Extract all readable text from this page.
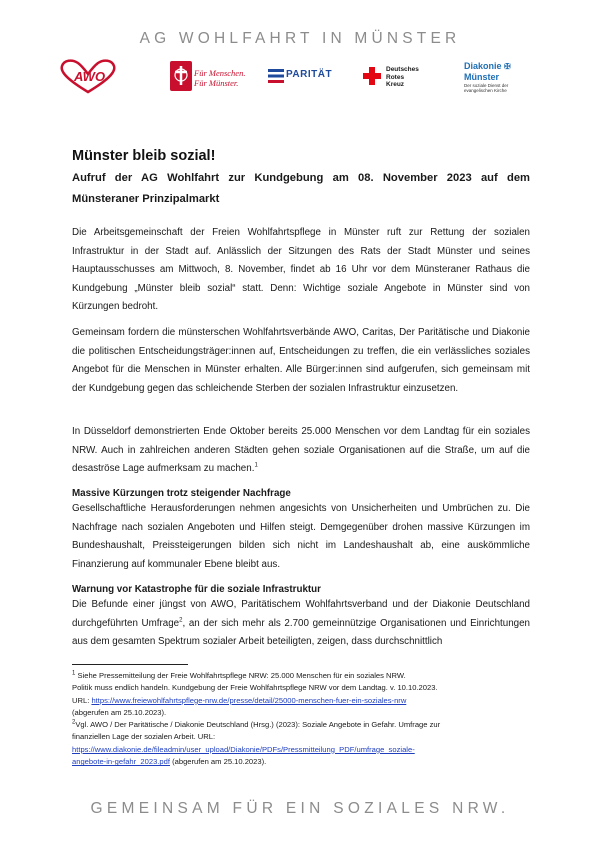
AG WOHLFAHRT IN MÜNSTER
AWO	Für Menschen.
Für Münster.
PARITÄT	Deutsches
Rotes
Kreuz
Diakonie ✠
Münster
Der soziale Dienst der evangelischen Kirche
Münster bleib sozial!
Aufruf der AG Wohlfahrt zur Kundgebung am 08. November 2023 auf dem Münsteraner Prinzipalmarkt
Die Arbeitsgemeinschaft der Freien Wohlfahrtspflege in Münster ruft zur Rettung der sozialen Infrastruktur in der Stadt auf. Anlässlich der Sitzungen des Rats der Stadt Münster und seines Hauptausschusses am Mittwoch, 8. November, findet ab 16 Uhr vor dem Münsteraner Rathaus die Kundgebung „Münster bleib sozial“ statt. Denn: Wichtige soziale Angebote in Münster sind von Kürzungen bedroht.
Gemeinsam fordern die münsterschen Wohlfahrtsverbände AWO, Caritas, Der Paritätische und Diakonie die politischen Entscheidungsträger:innen auf, Entscheidungen zu treffen, die ein verlässliches soziales Angebot für die Menschen in Münster erhalten. Alle Bürger:innen sind aufgerufen, sich gemeinsam mit der Kundgebung gegen das schleichende Sterben der sozialen Infrastruktur einzusetzen.
In Düsseldorf demonstrierten Ende Oktober bereits 25.000 Menschen vor dem Landtag für ein soziales NRW. Auch in zahlreichen anderen Städten gehen soziale Organisationen auf die Straße, um auf die desaströse Lage aufmerksam zu machen.$^1$
Massive Kürzungen trotz steigender Nachfrage
Gesellschaftliche Herausforderungen nehmen angesichts von Unsicherheiten und Umbrüchen zu. Die Nachfrage nach sozialen Angeboten und Hilfen steigt. Demgegenüber drohen massive Kürzungen im Bundeshaushalt, Preissteigerungen bilden sich nicht im Landeshaushalt ab, eine auskömmliche Finanzierung auf kommunaler Ebene bleibt aus.
Warnung vor Katastrophe für die soziale Infrastruktur
Die Befunde einer jüngst von AWO, Paritätischem Wohlfahrtsverband und der Diakonie Deutschland durchgeführten Umfrage$^2$, an der sich mehr als 2.700 gemeinnützige Organisationen und Einrichtungen aus dem gesamten Spektrum sozialer Arbeit beteiligten, zeigen, dass durchschnittlich
$^1$ Siehe Pressemitteilung der Freie Wohlfahrtspflege NRW: 25.000 Menschen für ein soziales NRW.
Politik muss endlich handeln. Kundgebung der Freie Wohlfahrtspflege NRW vor dem Landtag. v. 10.10.2023.
URL: https://www.freiewohlfahrtspflege-nrw.de/presse/detail/25000-menschen-fuer-ein-soziales-nrw
(abgerufen am 25.10.2023).
$^2$Vgl. AWO / Der Paritätische / Diakonie Deutschland (Hrsg.) (2023): Soziale Angebote in Gefahr. Umfrage zur
finanziellen Lage der sozialen Arbeit. URL:
https://www.diakonie.de/fileadmin/user_upload/Diakonie/PDFs/Pressmitteilung_PDF/umfrage_soziale-
angebote-in-gefahr_2023.pdf (abgerufen am 25.10.2023).
GEMEINSAM FÜR EIN SOZIALES NRW.
